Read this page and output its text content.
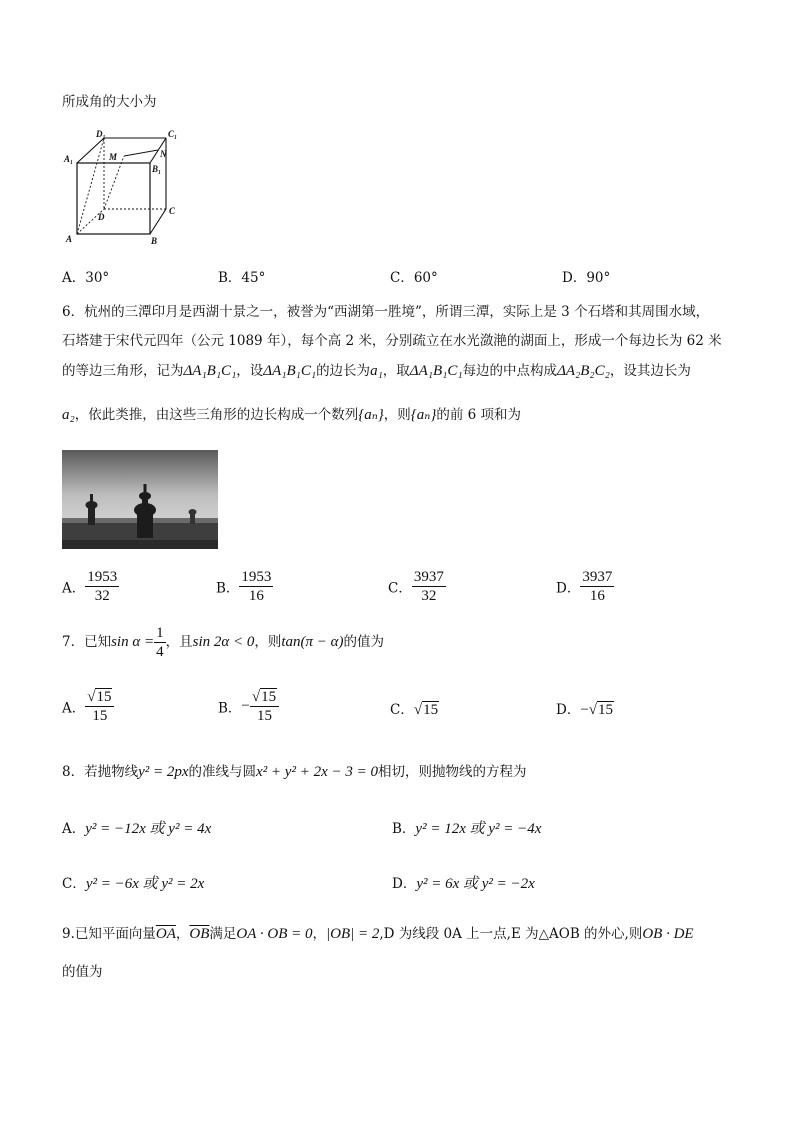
所成角的大小为
D₁	C₁
A₁	M	N
B₁
D
C
A	B
A．30°	B．45°	C．60°	D．90°
6．杭州的三潭印月是西湖十景之一，被誉为“西湖第一胜境”，所谓三潭，实际上是 3 个石塔和其周围水域，
石塔建于宋代元四年（公元 1089 年），每个高 2 米，分别疏立在水光潋滟的湖面上，形成一个每边长为 62 米
的等边三角形，记为ΔA₁B₁C₁，设ΔA₁B₁C₁的边长为a₁，取ΔA₁B₁C₁每边的中点构成ΔA₂B₂C₂，设其边长为
a₂，依此类推，由这些三角形的边长构成一个数列{aₙ}，则{aₙ}的前 6 项和为
A． $\frac{1953}{32}$	B． $\frac{1953}{16}$	C． $\frac{3937}{32}$	D． $\frac{3937}{16}$
7．已知$\sin \alpha = \frac{1}{4}$ ，且sin 2α < 0，则tan(π − α)的值为
A． $\frac{√15}{15}$	B．− $\frac{√15}{15}$	C．√15	D．−√15
8．若抛物线y² = 2px的准线与圆x² + y² + 2x − 3 = 0相切，则抛物线的方程为
A．y² = −12x 或 y² = 4x	B．y² = 12x 或 y² = −4x
C．y² = −6x 或 y² = 2x	D．y² = 6x 或 y² = −2x
9.已知平面向量$\overline{OA}$，$\overline{OB}$满足OA · OB = 0，|OB| = 2,D 为线段 0A 上一点,E 为△AOB 的外心,则OB · DE
的值为
